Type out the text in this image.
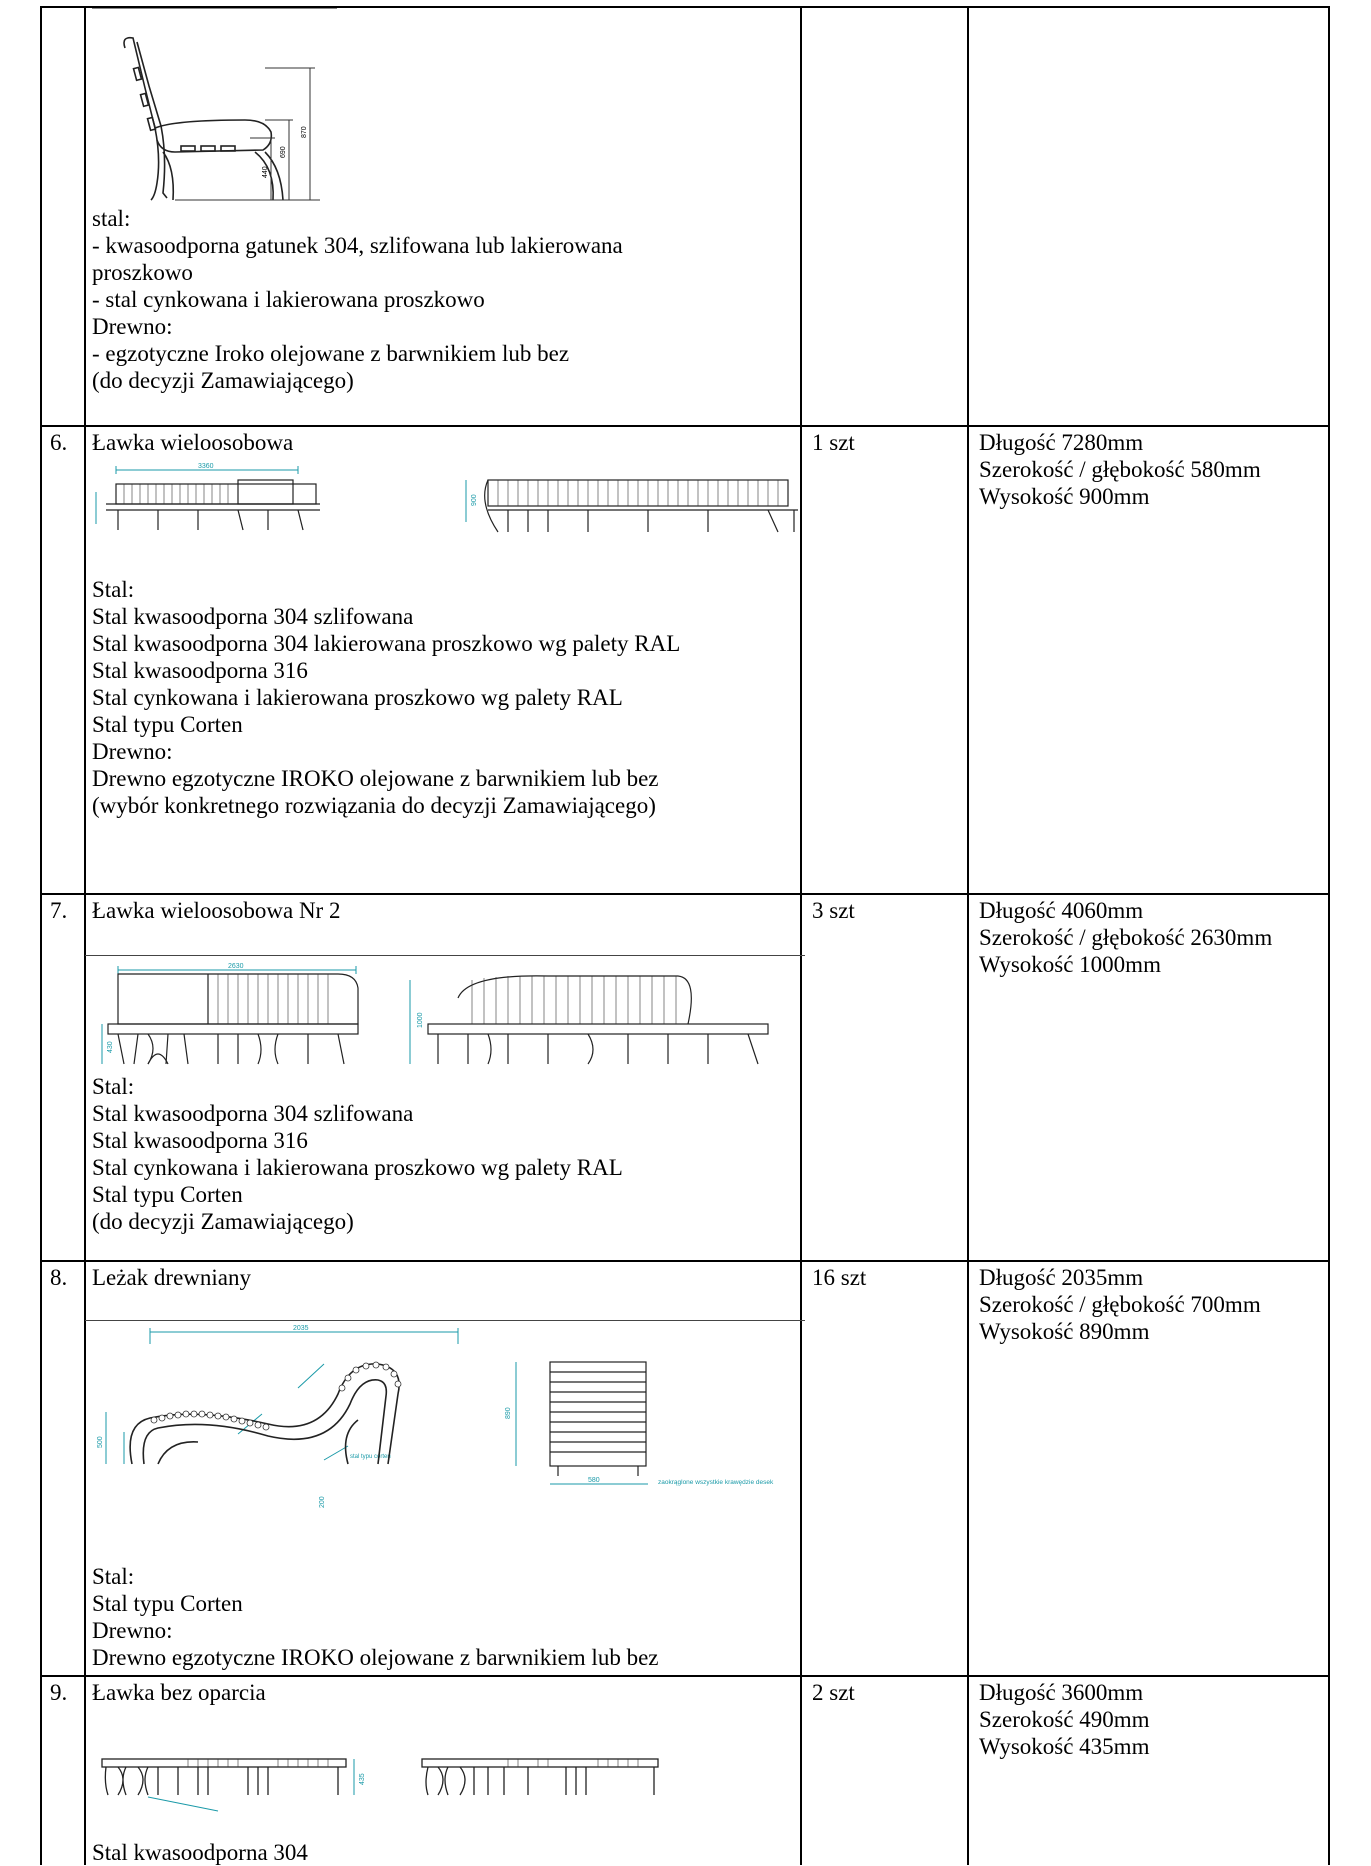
440
690
870
stal:
- kwasoodporna gatunek 304, szlifowana lub lakierowana
proszkowo
- stal cynkowana i lakierowana proszkowo
Drewno:
- egzotyczne Iroko olejowane z barwnikiem lub bez
(do decyzji Zamawiającego)
6. Ławka wieloosobowa	1 szt	Długość 7280mm
Szerokość / głębokość 580mm
Wysokość 900mm
3360
900
Stal:
Stal kwasoodporna 304 szlifowana
Stal kwasoodporna 304 lakierowana proszkowo wg palety RAL
Stal kwasoodporna 316
Stal cynkowana i lakierowana proszkowo wg palety RAL
Stal typu Corten
Drewno:
Drewno egzotyczne IROKO olejowane z barwnikiem lub bez
(wybór konkretnego rozwiązania do decyzji Zamawiającego)
7. Ławka wieloosobowa Nr 2	3 szt	Długość 4060mm
Szerokość / głębokość 2630mm
Wysokość 1000mm
2630
1000
430
Stal:
Stal kwasoodporna 304 szlifowana
Stal kwasoodporna 316
Stal cynkowana i lakierowana proszkowo wg palety RAL
Stal typu Corten
(do decyzji Zamawiającego)
8. Leżak drewniany	16 szt	Długość 2035mm
Szerokość / głębokość 700mm
Wysokość 890mm
2035
890
580
stal typu corten
zaokrąglone wszystkie krawędzie desek
500
200
Stal:
Stal typu Corten
Drewno:
Drewno egzotyczne IROKO olejowane z barwnikiem lub bez
9. Ławka bez oparcia	2 szt	Długość 3600mm
Szerokość 490mm
Wysokość 435mm
435
Stal kwasoodporna 304
